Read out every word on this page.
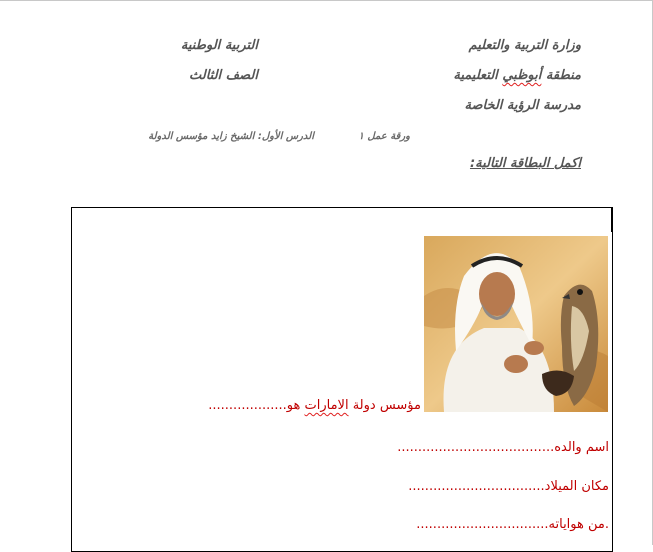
وزارة التربية والتعليم
التربية الوطنية
منطقة أبوظبي التعليمية
الصف الثالث
مدرسة الرؤية الخاصة
ورقة عمل ١
الدرس الأول: الشيخ زايد مؤسس الدولة
اكمل البطاقة التالية:
مؤسس دولة الامارات هو...................
اسم والده......................................
مكان الميلاد.................................
.من هواياته................................
